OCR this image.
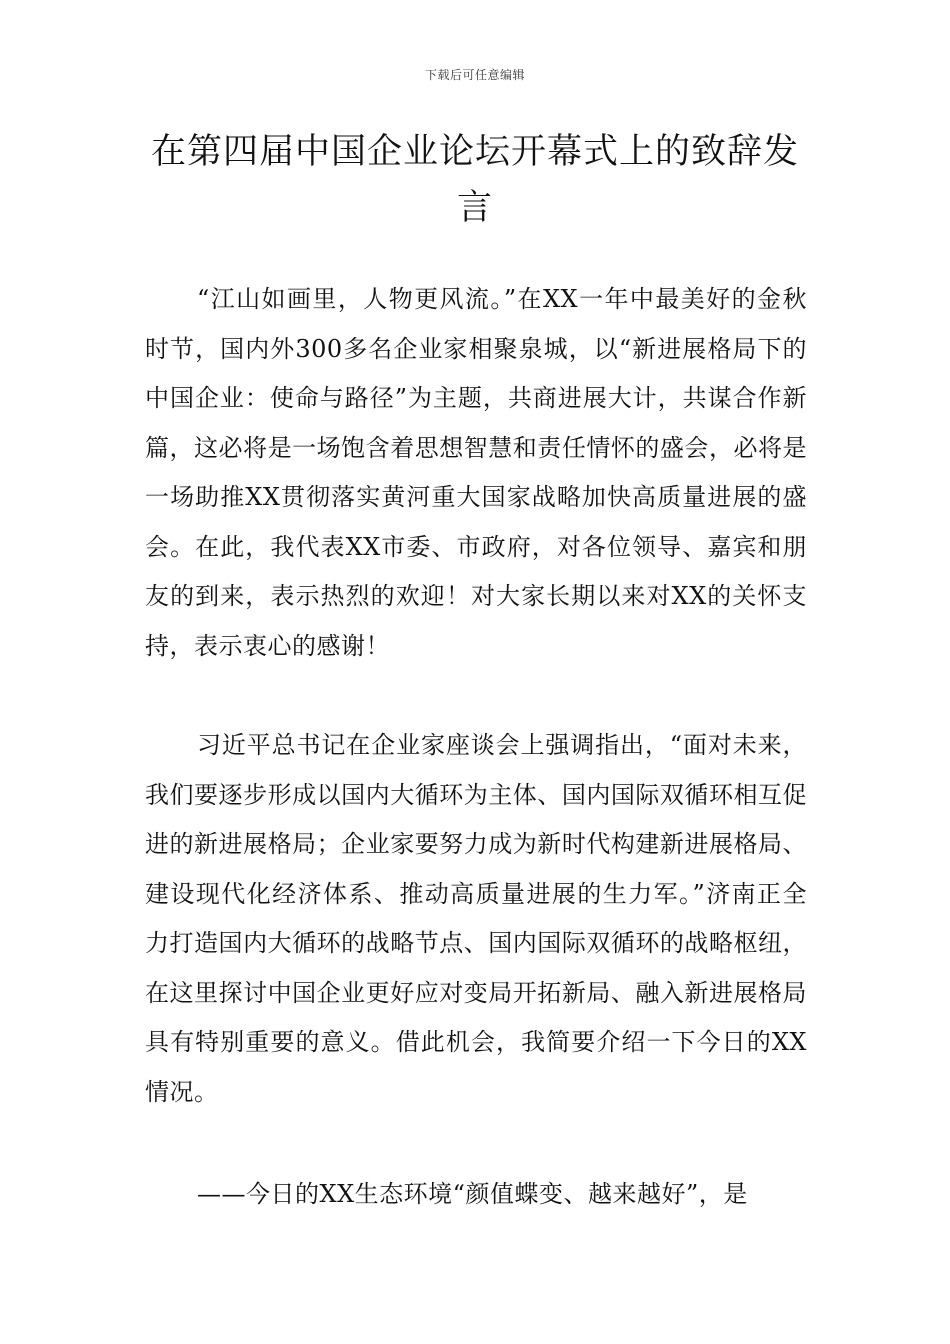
下载后可任意编辑
在第四届中国企业论坛开幕式上的致辞发言

“江山如画里，人物更风流。”在XX一年中最美好的金秋时节，国内外300多名企业家相聚泉城，以“新进展格局下的中国企业：使命与路径”为主题，共商进展大计，共谋合作新篇，这必将是一场饱含着思想智慧和责任情怀的盛会，必将是一场助推XX贯彻落实黄河重大国家战略加快高质量进展的盛会。在此，我代表XX市委、市政府，对各位领导、嘉宾和朋友的到来，表示热烈的欢迎！对大家长期以来对XX的关怀支持，表示衷心的感谢！

习近平总书记在企业家座谈会上强调指出，“面对未来，我们要逐步形成以国内大循环为主体、国内国际双循环相互促进的新进展格局；企业家要努力成为新时代构建新进展格局、建设现代化经济体系、推动高质量进展的生力军。”济南正全力打造国内大循环的战略节点、国内国际双循环的战略枢纽，在这里探讨中国企业更好应对变局开拓新局、融入新进展格局具有特别重要的意义。借此机会，我简要介绍一下今日的XX情况。

——今日的XX生态环境“颜值蝶变、越来越好”，是
